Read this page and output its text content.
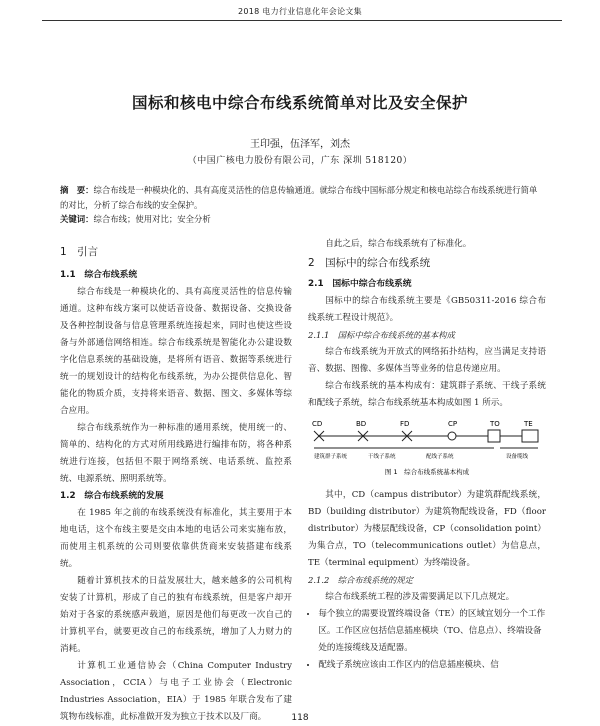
2018 电力行业信息化年会论文集
国标和核电中综合布线系统简单对比及安全保护
王印强，伍泽军，刘杰
（中国广核电力股份有限公司，广东 深圳 518120）
摘　要：综合布线是一种模块化的、具有高度灵活性的信息传输通道。就综合布线中国标部分规定和核电站综合布线系统进行简单的对比，分析了综合布线的安全保护。
关键词：综合布线；使用对比；安全分析
1　引言
1.1　综合布线系统

综合布线是一种模块化的、具有高度灵活性的信息传输通道。这种布线方案可以使话音设备、数据设备、交换设备及各种控制设备与信息管理系统连接起来，同时也使这些设备与外部通信网络相连。综合布线系统是智能化办公建设数字化信息系统的基础设施，是将所有语音、数据等系统进行统一的规划设计的结构化布线系统，为办公提供信息化、智能化的物质介质，支持将来语音、数据、图文、多媒体等综合应用。

综合布线系统作为一种标准的通用系统，使用统一的、简单的、结构化的方式对所用线路进行编排布防，将各种系统进行连接，包括但不限于网络系统、电话系统、监控系统、电源系统、照明系统等。

1.2　综合布线系统的发展

在 1985 年之前的布线系统没有标准化，其主要用于本地电话，这个布线主要是交由本地的电话公司来实施布放，而使用主机系统的公司则要依靠供货商来安装搭建布线系统。

随着计算机技术的日益发展壮大，越来越多的公司机构安装了计算机，形成了自己的独有布线系统，但是客户却开始对于各家的系统感声载道，原因是他们每更改一次自己的计算机平台，就要更改自己的布线系统，增加了人力财力的消耗。

计算机工业通信协会（China Computer Industry Association，CCIA）与电子工业协会（Electronic Industries Association，EIA）于 1985 年联合发布了建筑物布线标准，此标准做开发为独立于技术以及厂商。

自此之后，综合布线系统有了标准化。

2　国标中的综合布线系统
2.1　国标中综合布线系统

国标中的综合布线系统主要是《GB50311-2016 综合布线系统工程设计规范》。

2.1.1　国标中综合布线系统的基本构成

综合布线系统为开放式的网络拓扑结构，应当满足支持语音、数据、图像、多媒体当等业务的信息传递应用。

综合布线系统的基本构成有：建筑群子系统、干线子系统和配线子系统，综合布线系统基本构成如图 1 所示。

CD	BD	FD	CP	TO	TE
建筑群子系统	干线子系统	配线子系统	设备缆线
图 1　综合布线系统基本构成

其中，CD（campus distributor）为建筑群配线系统，BD（building distributor）为建筑物配线设备，FD（floor distributor）为楼层配线设备，CP（consolidation point）为集合点，TO（telecommunications outlet）为信息点，TE（terminal equipment）为终端设备。

2.1.2　综合布线系统的规定

综合布线系统工程的涉及需要满足以下几点规定。

• 每个独立的需要设置终端设备（TE）的区域宜划分一个工作区。工作区应包括信息插座模块（TO、信息点）、终端设备处的连接缆线及适配器。
• 配线子系统应该由工作区内的信息插座模块、信
118
